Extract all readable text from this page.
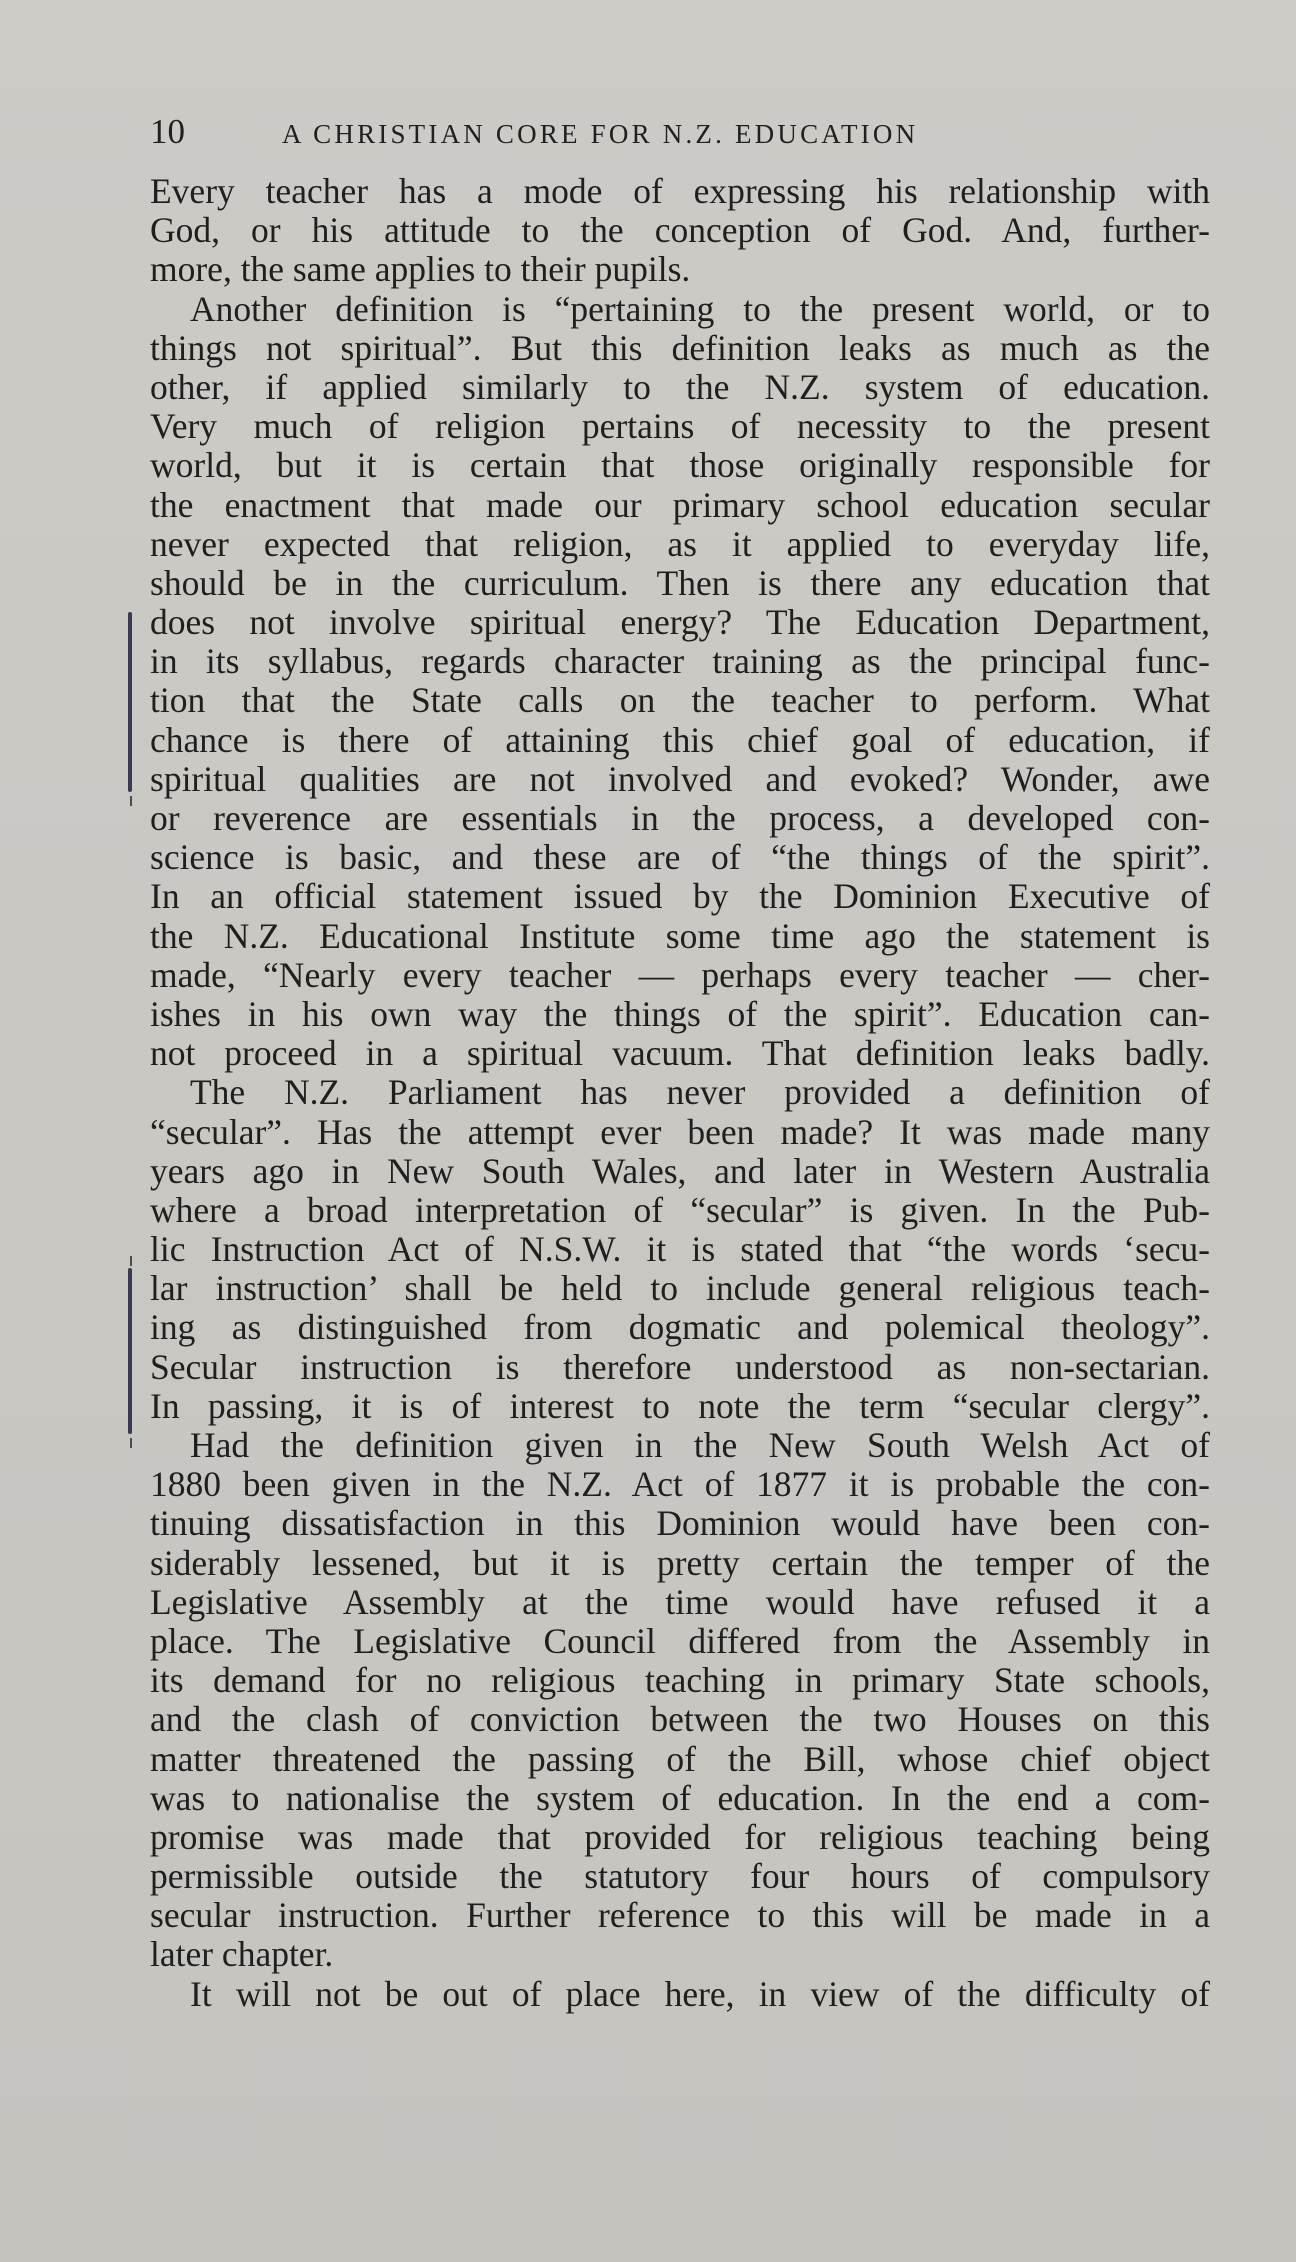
10	A CHRISTIAN CORE FOR N.Z. EDUCATION
Every teacher has a mode of expressing his relationship with
God, or his attitude to the conception of God. And, further-
more, the same applies to their pupils.
Another definition is “pertaining to the present world, or to
things not spiritual”. But this definition leaks as much as the
other, if applied similarly to the N.Z. system of education.
Very much of religion pertains of necessity to the present
world, but it is certain that those originally responsible for
the enactment that made our primary school education secular
never expected that religion, as it applied to everyday life,
should be in the curriculum. Then is there any education that
does not involve spiritual energy? The Education Department,
in its syllabus, regards character training as the principal func-
tion that the State calls on the teacher to perform. What
chance is there of attaining this chief goal of education, if
spiritual qualities are not involved and evoked? Wonder, awe
or reverence are essentials in the process, a developed con-
science is basic, and these are of “the things of the spirit”.
In an official statement issued by the Dominion Executive of
the N.Z. Educational Institute some time ago the statement is
made, “Nearly every teacher — perhaps every teacher — cher-
ishes in his own way the things of the spirit”. Education can-
not proceed in a spiritual vacuum. That definition leaks badly.
The N.Z. Parliament has never provided a definition of
“secular”. Has the attempt ever been made? It was made many
years ago in New South Wales, and later in Western Australia
where a broad interpretation of “secular” is given. In the Pub-
lic Instruction Act of N.S.W. it is stated that “the words ‘secu-
lar instruction’ shall be held to include general religious teach-
ing as distinguished from dogmatic and polemical theology”.
Secular instruction is therefore understood as non-sectarian.
In passing, it is of interest to note the term “secular clergy”.
Had the definition given in the New South Welsh Act of
1880 been given in the N.Z. Act of 1877 it is probable the con-
tinuing dissatisfaction in this Dominion would have been con-
siderably lessened, but it is pretty certain the temper of the
Legislative Assembly at the time would have refused it a
place. The Legislative Council differed from the Assembly in
its demand for no religious teaching in primary State schools,
and the clash of conviction between the two Houses on this
matter threatened the passing of the Bill, whose chief object
was to nationalise the system of education. In the end a com-
promise was made that provided for religious teaching being
permissible outside the statutory four hours of compulsory
secular instruction. Further reference to this will be made in a
later chapter.
It will not be out of place here, in view of the difficulty of
